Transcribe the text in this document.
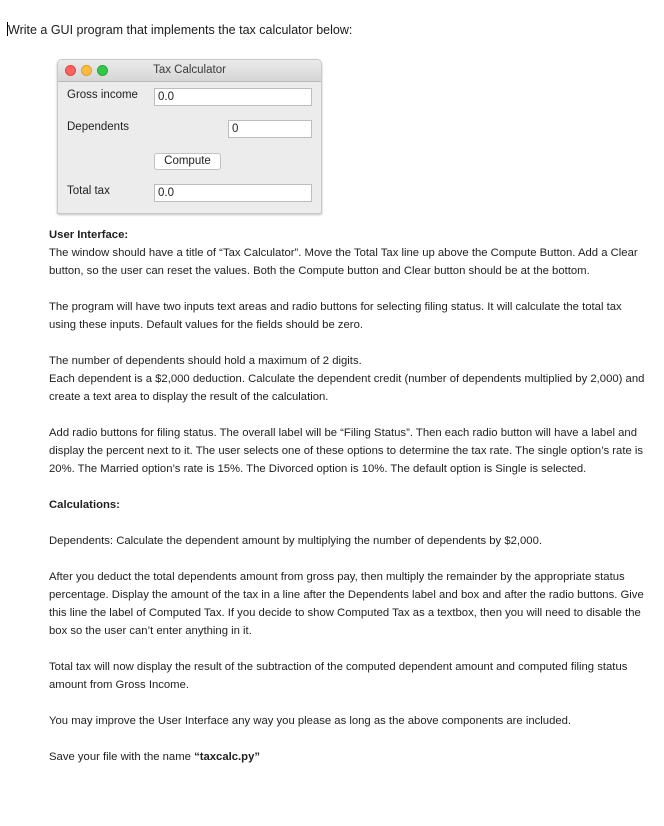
Write a GUI program that implements the tax calculator below:
Tax Calculator
Gross income	0.0
Dependents	0
Compute
Total tax	0.0

User Interface:

The window should have a title of “Tax Calculator”. Move the Total Tax line up above the Compute Button. Add a Clear button, so the user can reset the values. Both the Compute button and Clear button should be at the bottom.

The program will have two inputs text areas and radio buttons for selecting filing status. It will calculate the total tax using these inputs. Default values for the fields should be zero.

The number of dependents should hold a maximum of 2 digits.

Each dependent is a $2,000 deduction. Calculate the dependent credit (number of dependents multiplied by 2,000) and create a text area to display the result of the calculation.

Add radio buttons for filing status. The overall label will be “Filing Status”. Then each radio button will have a label and display the percent next to it. The user selects one of these options to determine the tax rate. The single option’s rate is 20%. The Married option’s rate is 15%. The Divorced option is 10%. The default option is Single is selected.

Calculations:

Dependents: Calculate the dependent amount by multiplying the number of dependents by $2,000.

After you deduct the total dependents amount from gross pay, then multiply the remainder by the appropriate status percentage. Display the amount of the tax in a line after the Dependents label and box and after the radio buttons. Give this line the label of Computed Tax. If you decide to show Computed Tax as a textbox, then you will need to disable the box so the user can’t enter anything in it.

Total tax will now display the result of the subtraction of the computed dependent amount and computed filing status amount from Gross Income.

You may improve the User Interface any way you please as long as the above components are included.

Save your file with the name “taxcalc.py”
